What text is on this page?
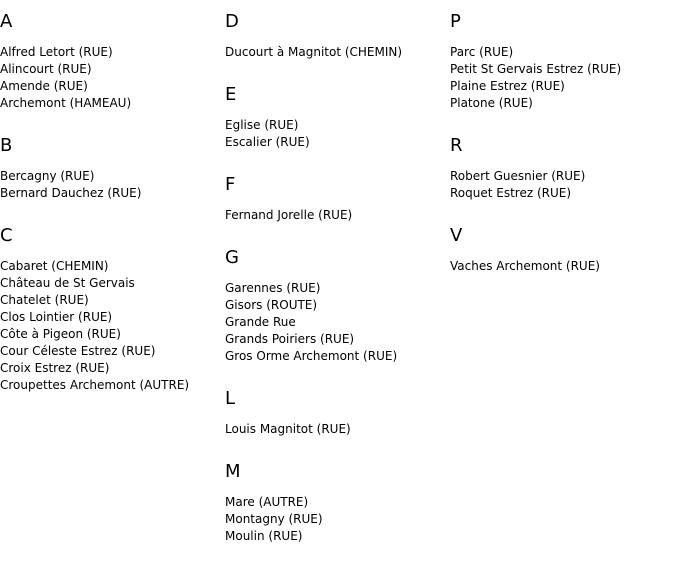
A
Alfred Letort (RUE)
Alincourt (RUE)
Amende (RUE)
Archemont (HAMEAU)
B
Bercagny (RUE)
Bernard Dauchez (RUE)
C
Cabaret (CHEMIN)
Château de St Gervais
Chatelet (RUE)
Clos Lointier (RUE)
Côte à Pigeon (RUE)
Cour Céleste Estrez (RUE)
Croix Estrez (RUE)
Croupettes Archemont (AUTRE)
D
Ducourt à Magnitot (CHEMIN)
E
Eglise (RUE)
Escalier (RUE)
F
Fernand Jorelle (RUE)
G
Garennes (RUE)
Gisors (ROUTE)
Grande Rue
Grands Poiriers (RUE)
Gros Orme Archemont (RUE)
L
Louis Magnitot (RUE)
M
Mare (AUTRE)
Montagny (RUE)
Moulin (RUE)
P
Parc (RUE)
Petit St Gervais Estrez (RUE)
Plaine Estrez (RUE)
Platone (RUE)
R
Robert Guesnier (RUE)
Roquet Estrez (RUE)
V
Vaches Archemont (RUE)
